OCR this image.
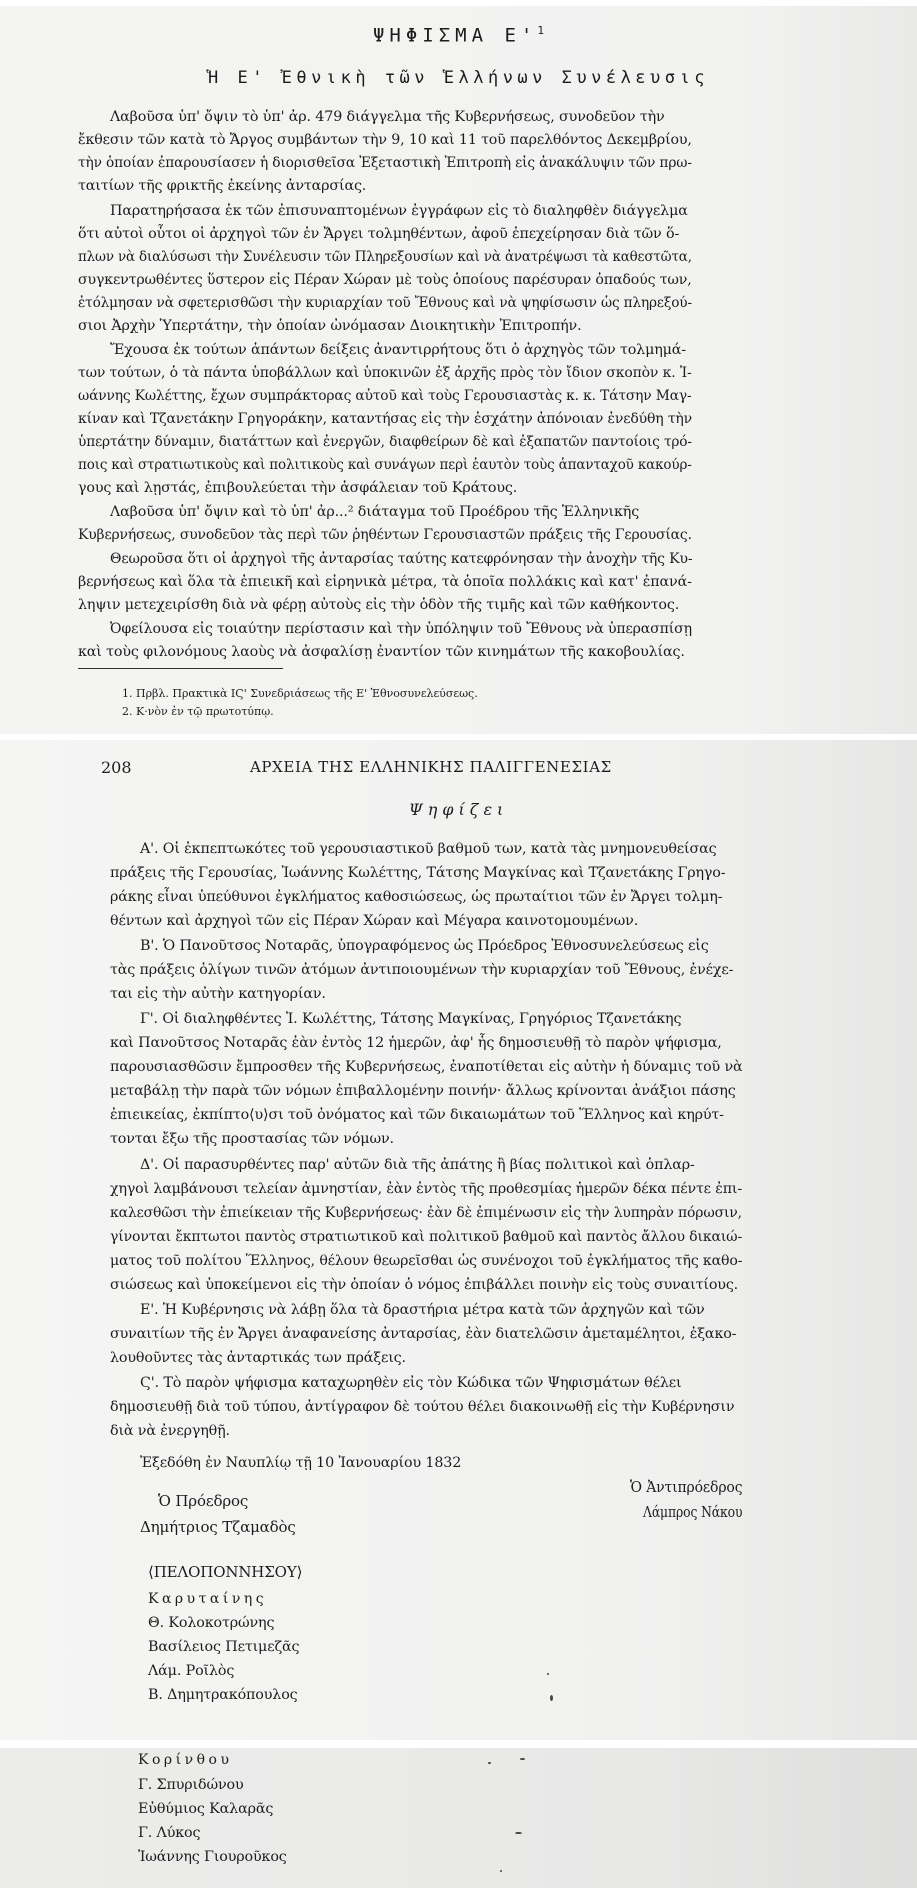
ΨΗΦΙΣΜΑ $E'^1$
Ἡ Ε' Ἐθνικὴ τῶν Ἑλλήνων Συνέλευσις
Λαβοῦσα ὑπ' ὄψιν τὸ ὑπ' ἀρ. 479 διάγγελμα τῆς Κυβερνήσεως, συνοδεῦον τὴν
ἔκθεσιν τῶν κατὰ τὸ Ἄργος συμβάντων τὴν 9, 10 καὶ 11 τοῦ παρελθόντος Δεκεμβρίου,
τὴν ὁποίαν ἐπαρουσίασεν ἡ διορισθεῖσα Ἐξεταστικὴ Ἐπιτροπὴ εἰς ἀνακάλυψιν τῶν πρω-
ταιτίων τῆς φρικτῆς ἐκείνης ἀνταρσίας.
Παρατηρήσασα ἐκ τῶν ἐπισυναπτομένων ἐγγράφων εἰς τὸ διαληφθὲν διάγγελμα
ὅτι αὐτοὶ οὗτοι οἱ ἀρχηγοὶ τῶν ἐν Ἄργει τολμηθέντων, ἀφοῦ ἐπεχείρησαν διὰ τῶν ὅ-
πλων νὰ διαλύσωσι τὴν Συνέλευσιν τῶν Πληρεξουσίων καὶ νὰ ἀνατρέψωσι τὰ καθεστῶτα,
συγκεντρωθέντες ὕστερον εἰς Πέραν Χώραν μὲ τοὺς ὁποίους παρέσυραν ὀπαδούς των,
ἐτόλμησαν νὰ σφετερισθῶσι τὴν κυριαρχίαν τοῦ Ἔθνους καὶ νὰ ψηφίσωσιν ὡς πληρεξού-
σιοι Ἀρχὴν Ὑπερτάτην, τὴν ὁποίαν ὠνόμασαν Διοικητικὴν Ἐπιτροπήν.
Ἔχουσα ἐκ τούτων ἁπάντων δείξεις ἀναντιρρήτους ὅτι ὁ ἀρχηγὸς τῶν τολμημά-
των τούτων, ὁ τὰ πάντα ὑποβάλλων καὶ ὑποκινῶν ἐξ ἀρχῆς πρὸς τὸν ἴδιον σκοπὸν κ. Ἰ-
ωάννης Κωλέττης, ἔχων συμπράκτορας αὐτοῦ καὶ τοὺς Γερουσιαστὰς κ. κ. Τάτσην Μαγ-
κίναν καὶ Τζανετάκην Γρηγοράκην, καταντήσας εἰς τὴν ἐσχάτην ἀπόνοιαν ἐνεδύθη τὴν
ὑπερτάτην δύναμιν, διατάττων καὶ ἐνεργῶν, διαφθείρων δὲ καὶ ἐξαπατῶν παντοίοις τρό-
ποις καὶ στρατιωτικοὺς καὶ πολιτικοὺς καὶ συνάγων περὶ ἑαυτὸν τοὺς ἁπανταχοῦ κακούρ-
γους καὶ λῃστάς, ἐπιβουλεύεται τὴν ἀσφάλειαν τοῦ Κράτους.
Λαβοῦσα ὑπ' ὄψιν καὶ τὸ ὑπ' ἀρ...² διάταγμα τοῦ Προέδρου τῆς Ἑλληνικῆς
Κυβερνήσεως, συνοδεῦον τὰς περὶ τῶν ῥηθέντων Γερουσιαστῶν πράξεις τῆς Γερουσίας.
Θεωροῦσα ὅτι οἱ ἀρχηγοὶ τῆς ἀνταρσίας ταύτης κατεφρόνησαν τὴν ἀνοχὴν τῆς Κυ-
βερνήσεως καὶ ὅλα τὰ ἐπιεικῆ καὶ εἰρηνικὰ μέτρα, τὰ ὁποῖα πολλάκις καὶ κατ' ἐπανά-
ληψιν μετεχειρίσθη διὰ νὰ φέρῃ αὐτοὺς εἰς τὴν ὁδὸν τῆς τιμῆς καὶ τῶν καθήκοντος.
Ὀφείλουσα εἰς τοιαύτην περίστασιν καὶ τὴν ὑπόληψιν τοῦ Ἔθνους νὰ ὑπερασπίσῃ
καὶ τοὺς φιλονόμους λαοὺς νὰ ἀσφαλίσῃ ἐναντίον τῶν κινημάτων τῆς κακοβουλίας.
1. Πρβλ. Πρακτικὰ ΙϚ' Συνεδριάσεως τῆς Ε' Ἐθνοσυνελεύσεως.
2. Κ·νὸν ἐν τῷ πρωτοτύπῳ.
208	ΑΡΧΕΙΑ ΤΗΣ ΕΛΛΗΝΙΚΗΣ ΠΑΛΙΓΓΕΝΕΣΙΑΣ
Ψηφίζει
Α'. Οἱ ἐκπεπτωκότες τοῦ γερουσιαστικοῦ βαθμοῦ των, κατὰ τὰς μνημονευθείσας
πράξεις τῆς Γερουσίας, Ἰωάννης Κωλέττης, Τάτσης Μαγκίνας καὶ Τζανετάκης Γρηγο-
ράκης εἶναι ὑπεύθυνοι ἐγκλήματος καθοσιώσεως, ὡς πρωταίτιοι τῶν ἐν Ἄργει τολμη-
θέντων καὶ ἀρχηγοὶ τῶν εἰς Πέραν Χώραν καὶ Μέγαρα καινοτομουμένων.
Β'. Ὁ Πανοῦτσος Νοταρᾶς, ὑπογραφόμενος ὡς Πρόεδρος Ἐθνοσυνελεύσεως εἰς
τὰς πράξεις ὀλίγων τινῶν ἀτόμων ἀντιποιουμένων τὴν κυριαρχίαν τοῦ Ἔθνους, ἐνέχε-
ται εἰς τὴν αὐτὴν κατηγορίαν.
Γ'. Οἱ διαληφθέντες Ἰ. Κωλέττης, Τάτσης Μαγκίνας, Γρηγόριος Τζανετάκης
καὶ Πανοῦτσος Νοταρᾶς ἐὰν ἐντὸς 12 ἡμερῶν, ἀφ' ἧς δημοσιευθῇ τὸ παρὸν ψήφισμα,
παρουσιασθῶσιν ἔμπροσθεν τῆς Κυβερνήσεως, ἐναποτίθεται εἰς αὐτὴν ἡ δύναμις τοῦ νὰ
μεταβάλῃ τὴν παρὰ τῶν νόμων ἐπιβαλλομένην ποινήν· ἄλλως κρίνονται ἀνάξιοι πάσης
ἐπιεικείας, ἐκπίπτο⟨υ⟩σι τοῦ ὀνόματος καὶ τῶν δικαιωμάτων τοῦ Ἕλληνος καὶ κηρύτ-
τονται ἔξω τῆς προστασίας τῶν νόμων.
Δ'. Οἱ παρασυρθέντες παρ' αὐτῶν διὰ τῆς ἀπάτης ἢ βίας πολιτικοὶ καὶ ὁπλαρ-
χηγοὶ λαμβάνουσι τελείαν ἀμνηστίαν, ἐὰν ἐντὸς τῆς προθεσμίας ἡμερῶν δέκα πέντε ἐπι-
καλεσθῶσι τὴν ἐπιείκειαν τῆς Κυβερνήσεως· ἐὰν δὲ ἐπιμένωσιν εἰς τὴν λυπηρὰν πόρωσιν,
γίνονται ἔκπτωτοι παντὸς στρατιωτικοῦ καὶ πολιτικοῦ βαθμοῦ καὶ παντὸς ἄλλου δικαιώ-
ματος τοῦ πολίτου Ἕλληνος, θέλουν θεωρεῖσθαι ὡς συνένοχοι τοῦ ἐγκλήματος τῆς καθο-
σιώσεως καὶ ὑποκείμενοι εἰς τὴν ὁποίαν ὁ νόμος ἐπιβάλλει ποινὴν εἰς τοὺς συναιτίους.
Ε'. Ἡ Κυβέρνησις νὰ λάβῃ ὅλα τὰ δραστήρια μέτρα κατὰ τῶν ἀρχηγῶν καὶ τῶν
συναιτίων τῆς ἐν Ἄργει ἀναφανείσης ἀνταρσίας, ἐὰν διατελῶσιν ἀμεταμέλητοι, ἐξακο-
λουθοῦντες τὰς ἀνταρτικάς των πράξεις.
Ϛ'. Τὸ παρὸν ψήφισμα καταχωρηθὲν εἰς τὸν Κώδικα τῶν Ψηφισμάτων θέλει
δημοσιευθῇ διὰ τοῦ τύπου, ἀντίγραφον δὲ τούτου θέλει διακοινωθῇ εἰς τὴν Κυβέρνησιν
διὰ νὰ ἐνεργηθῇ.
Ἐξεδόθη ἐν Ναυπλίῳ τῇ 10 Ἰανουαρίου 1832
Ὁ Πρόεδρος
Δημήτριος Τζαμαδὸς
Ὁ Ἀντιπρόεδρος
Λάμπρος Νάκου
⟨ΠΕΛΟΠΟΝΝΗΣΟΥ⟩
Καρυταίνης
Θ. Κολοκοτρώνης
Βασίλειος Πετιμεζᾶς
Λάμ. Ροῖλὸς
Β. Δημητρακόπουλος
Κορίνθου
Γ. Σπυριδώνου
Εὐθύμιος Καλαρᾶς
Γ. Λύκος
Ἰωάννης Γιουροῦκος
